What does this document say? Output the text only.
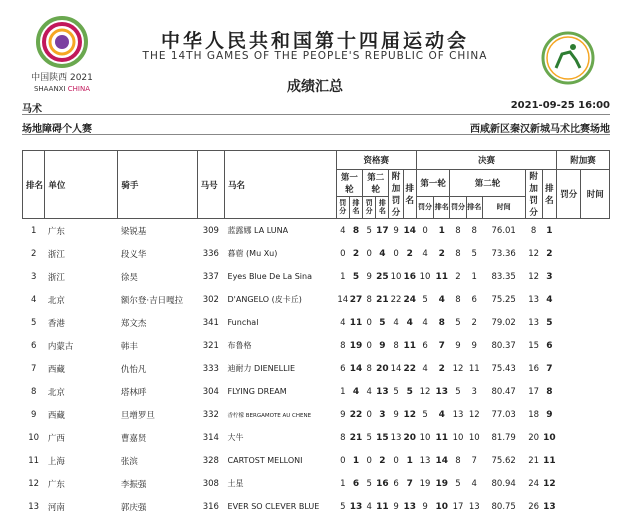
中国陕西 2021
SHAANXI CHINA
中华人民共和国第十四届运动会
THE 14TH GAMES OF THE PEOPLE'S REPUBLIC OF CHINA
成绩汇总
马术	2021-09-25 16:00
场地障碍个人赛	西咸新区秦汉新城马术比赛场地
排名	单位	骑手	马号	马名	资格赛						决赛							附加赛	
					第一轮		第二轮		附加罚分	排名	第一轮		第二轮			附加罚分	排名	罚分	时间
					罚分	排名	罚分	排名			罚分	排名	罚分	排名	时间				
1	广东	梁锐基	309	蓝露娜 LA LUNA	4	8	5	17	9	14	0	1	8	8	76.01	8	1		
2	浙江	段义华	336	暮蓿 (Mu Xu)	0	2	0	4	0	2	4	2	8	5	73.36	12	2		
3	浙江	徐昊	337	Eyes Blue De La Sina	1	5	9	25	10	16	10	11	2	1	83.35	12	3		
4	北京	额尔登·吉日嘎拉	302	D'ANGELO (皮卡丘)	14	27	8	21	22	24	5	4	8	6	75.25	13	4		
5	香港	郑文杰	341	Funchal	4	11	0	5	4	4	4	8	5	2	79.02	13	5		
6	内蒙古	韩丰	321	布鲁格	8	19	0	9	8	11	6	7	9	9	80.37	15	6		
7	西藏	仇怡凡	333	迪耐力 DIENELLIE	6	14	8	20	14	22	4	2	12	11	75.43	16	7		
8	北京	塔林呼	304	FLYING DREAM	1	4	4	13	5	5	12	13	5	3	80.47	17	8		
9	西藏	旦增罗旦	332	香柠檬 BERGAMOTE AU CHENE	9	22	0	3	9	12	5	4	13	12	77.03	18	9		
10	广西	曹嘉贤	314	大牛	8	21	5	15	13	20	10	11	10	10	81.79	20	10		
11	上海	张滨	328	CARTOST MELLONI	0	1	0	2	0	1	13	14	8	7	75.62	21	11		
12	广东	李振强	308	土星	1	6	5	16	6	7	19	19	5	4	80.94	24	12		
13	河南	郭庆强	316	EVER SO CLEVER BLUE	5	13	4	11	9	13	9	10	17	13	80.75	26	13		
